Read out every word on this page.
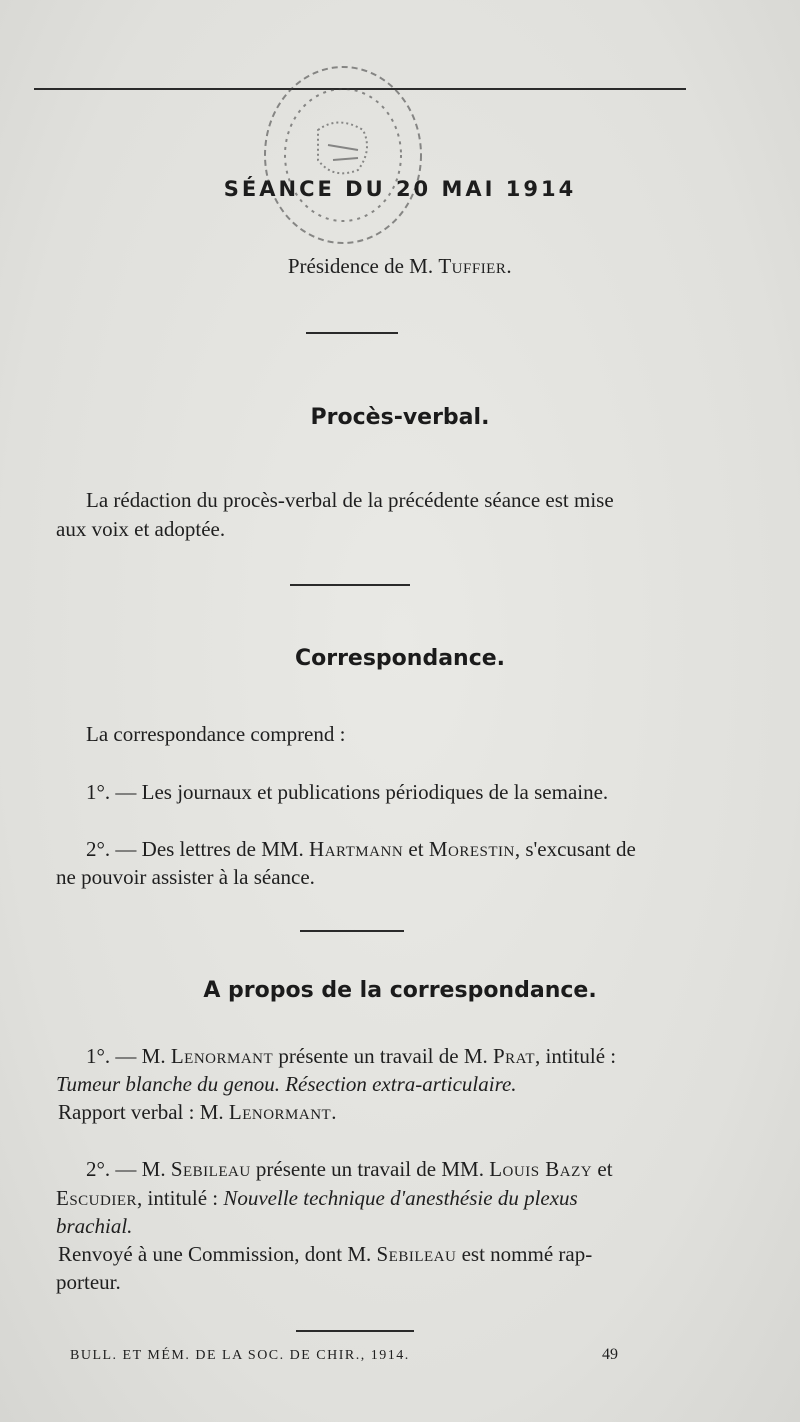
SÉANCE DU 20 MAI 1914
Présidence de M. Tuffier.
Procès-verbal.
La rédaction du procès-verbal de la précédente séance est mise
aux voix et adoptée.
Correspondance.
La correspondance comprend :
1°. — Les journaux et publications périodiques de la semaine.
2°. — Des lettres de MM. Hartmann et Morestin, s'excusant de
ne pouvoir assister à la séance.
A propos de la correspondance.
1°. — M. Lenormant présente un travail de M. Prat, intitulé :
Tumeur blanche du genou. Résection extra-articulaire.
Rapport verbal : M. Lenormant.
2°. — M. Sebileau présente un travail de MM. Louis Bazy et
Escudier, intitulé : Nouvelle technique d'anesthésie du plexus
brachial.
Renvoyé à une Commission, dont M. Sebileau est nommé rap-
porteur.
BULL. ET MÉM. DE LA SOC. DE CHIR., 1914.	49
